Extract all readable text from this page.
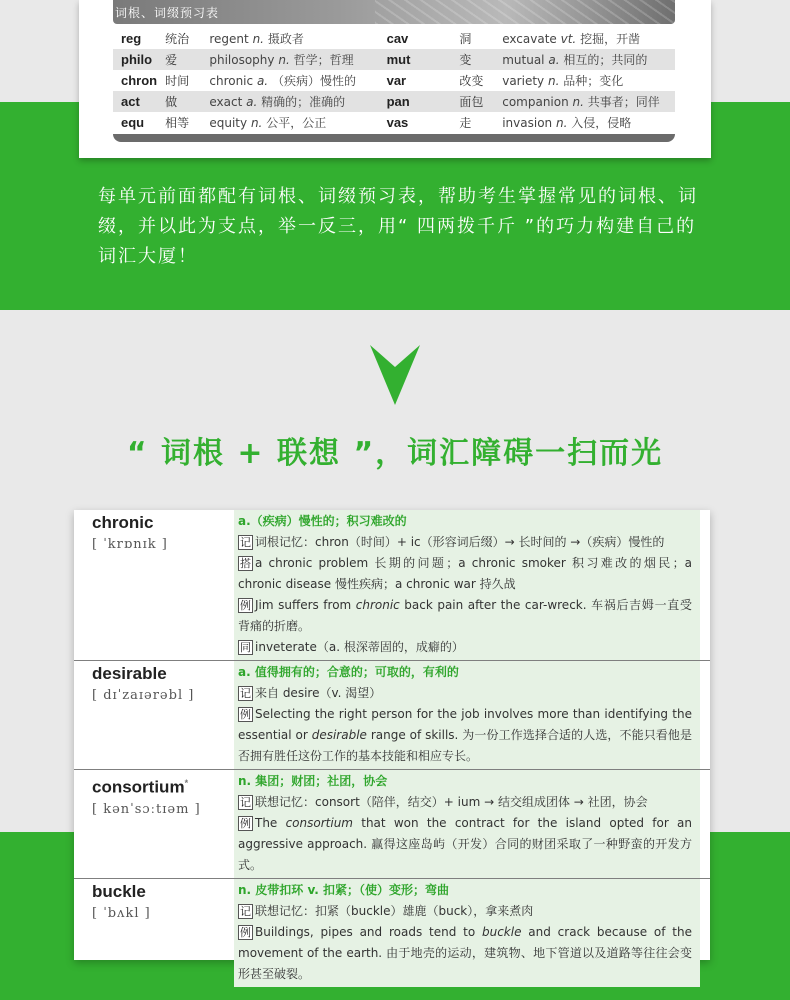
词根、词缀预习表
reg	统治	regent n. 摄政者	cav	洞	excavate vt. 挖掘，开凿
philo	爱	philosophy n. 哲学；哲理	mut	变	mutual a. 相互的；共同的
chron	时间	chronic a. （疾病）慢性的	var	改变	variety n. 品种；变化
act	做	exact a. 精确的；准确的	pan	面包	companion n. 共事者；同伴
equ	相等	equity n. 公平，公正	vas	走	invasion n. 入侵，侵略

每单元前面都配有词根、词缀预习表，帮助考生掌握常见的词根、词缀，并以此为支点，举一反三，用“ 四两拨千斤 ”的巧力构建自己的词汇大厦！

“ 词根 + 联想 ”，词汇障碍一扫而光
chronic
[ ˈkrɒnɪk ]
a.（疾病）慢性的；积习难改的
记 词根记忆：chron（时间）+ ic（形容词后缀）→ 长时间的 →（疾病）慢性的
搭 a chronic problem 长期的问题；a chronic smoker 积习难改的烟民；a chronic disease 慢性疾病；a chronic war 持久战
例 Jim suffers from chronic back pain after the car-wreck. 车祸后吉姆一直受背痛的折磨。
同 inveterate（a. 根深蒂固的，成癖的）
desirable
[ dɪˈzaɪərəbl ]
a. 值得拥有的；合意的；可取的，有利的
记 来自 desire（v. 渴望）
例 Selecting the right person for the job involves more than identifying the essential or desirable range of skills. 为一份工作选择合适的人选，不能只看他是否拥有胜任这份工作的基本技能和相应专长。
consortium*
[ kənˈsɔːtɪəm ]
n. 集团；财团；社团，协会
记 联想记忆：consort（陪伴，结交）+ ium → 结交组成团体 → 社团，协会
例 The consortium that won the contract for the island opted for an aggressive approach. 赢得这座岛屿（开发）合同的财团采取了一种野蛮的开发方式。
buckle
[ ˈbʌkl ]
n. 皮带扣环 v. 扣紧；（使）变形；弯曲
记 联想记忆：扣紧（buckle）雄鹿（buck），拿来煮肉
例 Buildings, pipes and roads tend to buckle and crack because of the movement of the earth. 由于地壳的运动，建筑物、地下管道以及道路等往往会变形甚至破裂。
